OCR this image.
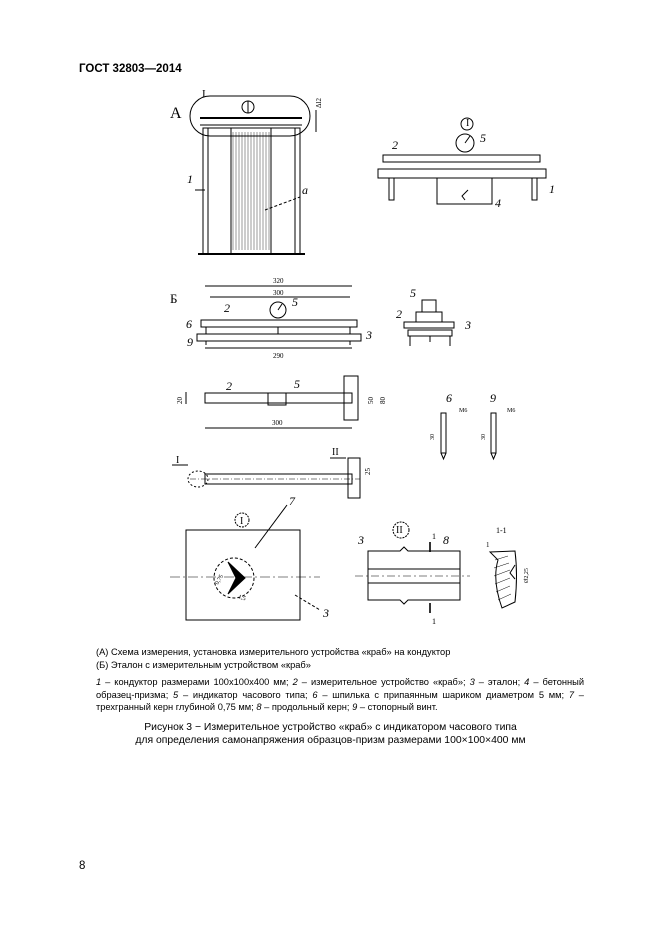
ГОСТ 32803—2014
А
I
1
a
Δl2
I
2	5
1
4
Б
320
300
290
2	5
6
3
9
5
2
3
300
20	50 80
2	5
6	9
M6	M6
30	30
I
II
25
I
7
3
1,5
0,75
II
3	8
1
1
1-1
1
Ø2,25
(А) Схема измерения, установка измерительного устройства «краб» на кондуктор
(Б) Эталон с измерительным устройством «краб»
1 – кондуктор размерами 100х100х400 мм; 2 – измерительное устройство «краб»; 3 – эталон; 4 – бетонный образец-призма; 5 – индикатор часового типа; 6 – шпилька с припаянным шариком диаметром 5 мм; 7 – трехгранный керн глубиной 0,75 мм; 8 – продольный керн; 9 – стопорный винт.
Рисунок 3 − Измерительное устройство «краб» с индикатором часового типа
для определения самонапряжения образцов-призм размерами 100×100×400 мм
8
